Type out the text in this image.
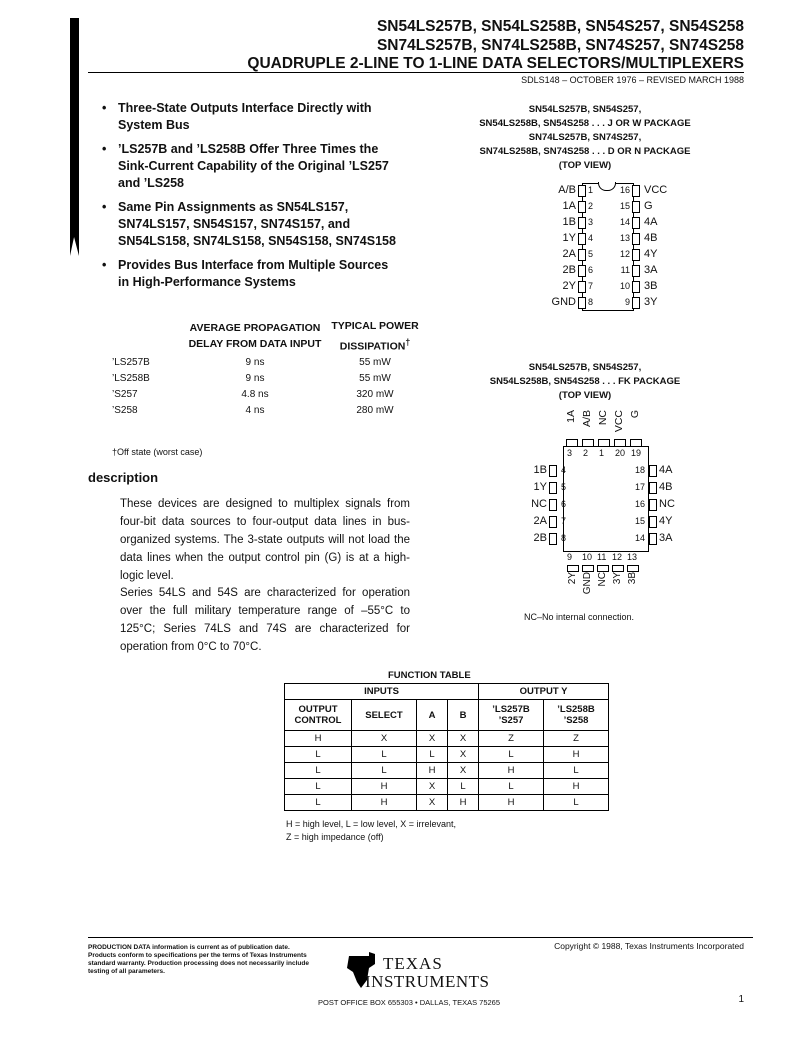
SN54LS257B, SN54LS258B, SN54S257, SN54S258
SN74LS257B, SN74LS258B, SN74S257, SN74S258
QUADRUPLE 2-LINE TO 1-LINE DATA SELECTORS/MULTIPLEXERS
SDLS148 – OCTOBER 1976 – REVISED MARCH 1988
• Three-State Outputs Interface Directly with System Bus
• ’LS257B and ’LS258B Offer Three Times the Sink-Current Capability of the Original ’LS257 and ’LS258
• Same Pin Assignments as SN54LS157, SN74LS157, SN54S157, SN74S157, and SN54LS158, SN74LS158, SN54S158, SN74S158
• Provides Bus Interface from Multiple Sources in High-Performance Systems
	AVERAGE PROPAGATION DELAY FROM DATA INPUT	TYPICAL POWER DISSIPATION†
’LS257B	9 ns	55 mW
’LS258B	9 ns	55 mW
’S257	4.8 ns	320 mW
’S258	4 ns	280 mW
†Off state (worst case)
description
These devices are designed to multiplex signals from four-bit data sources to four-output data lines in bus-organized systems. The 3-state outputs will not load the data lines when the output control pin (G) is at a high-logic level.
Series 54LS and 54S are characterized for operation over the full military temperature range of –55°C to 125°C; Series 74LS and 74S are characterized for operation from 0°C to 70°C.
SN54LS257B, SN54S257,
SN54LS258B, SN54S258 . . . J OR W PACKAGE
SN74LS257B, SN74S257,
SN74LS258B, SN74S258 . . . D OR N PACKAGE
(TOP VIEW)
A/B 1
1A 2
1B 3
1Y 4
2A 5
2B 6
2Y 7
GND 8
16 VCC
15 G
14 4A
13 4B
12 4Y
11 3A
10 3B
9 3Y
SN54LS257B, SN54S257,
SN54LS258B, SN54S258 . . . FK PACKAGE
(TOP VIEW)
1A A/B NC VCC G
3 2 1 20 19
1B 4
1Y 5
NC 6
2A 7
2B 8
18 4A
17 4B
16 NC
15 4Y
14 3A
9 10 11 12 13
2Y GND NC 3Y 3B
NC–No internal connection.
FUNCTION TABLE
INPUTS				OUTPUT Y	
OUTPUT CONTROL	SELECT	A	B	’LS257B ’S257	’LS258B ’S258
H	X	X	X	Z	Z
L	L	L	X	L	H
L	L	H	X	H	L
L	H	X	L	L	H
L	H	X	H	H	L
H = high level, L = low level, X = irrelevant,
Z = high impedance (off)
PRODUCTION DATA information is current as of publication date. Products conform to specifications per the terms of Texas Instruments standard warranty. Production processing does not necessarily include testing of all parameters.
Copyright © 1988, Texas Instruments Incorporated
TEXAS
INSTRUMENTS
POST OFFICE BOX 655303 • DALLAS, TEXAS 75265	1
